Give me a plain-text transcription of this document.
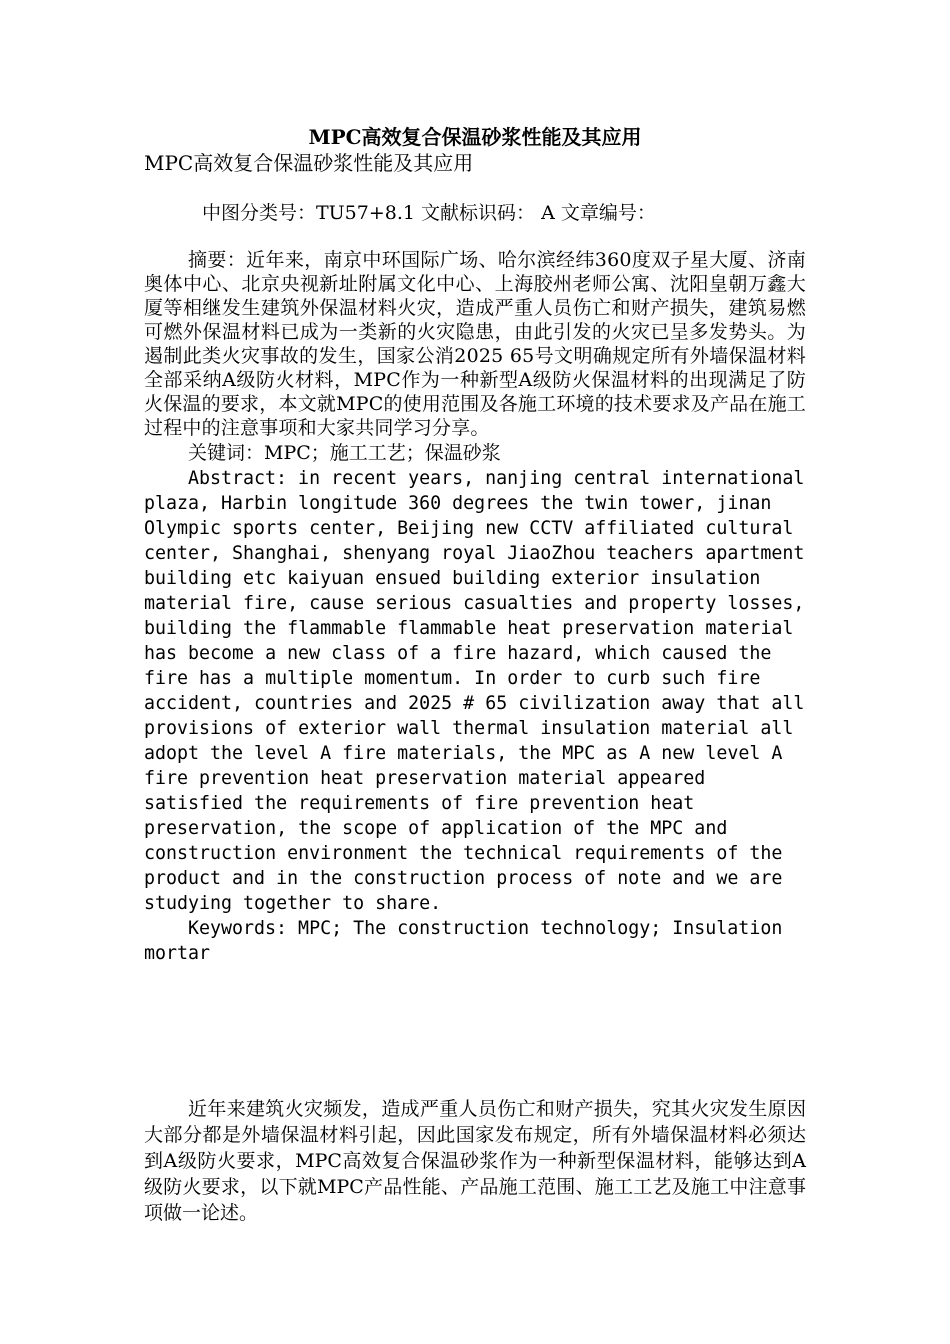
MPC高效复合保温砂浆性能及其应用

MPC高效复合保温砂浆性能及其应用

中图分类号：TU57+8.1 文献标识码： A 文章编号：

摘要：近年来，南京中环国际广场、哈尔滨经纬360度双子星大厦、济南奥体中心、北京央视新址附属文化中心、上海胶州老师公寓、沈阳皇朝万鑫大厦等相继发生建筑外保温材料火灾，造成严重人员伤亡和财产损失，建筑易燃可燃外保温材料已成为一类新的火灾隐患，由此引发的火灾已呈多发势头。为遏制此类火灾事故的发生，国家公消2025 65号文明确规定所有外墙保温材料全部采纳A级防火材料，MPC作为一种新型A级防火保温材料的出现满足了防火保温的要求，本文就MPC的使用范围及各施工环境的技术要求及产品在施工过程中的注意事项和大家共同学习分享。

关键词：MPC；施工工艺；保温砂浆

Abstract: in recent years, nanjing central international plaza, Harbin longitude 360 degrees the twin tower, jinan Olympic sports center, Beijing new CCTV affiliated cultural center, Shanghai, shenyang royal JiaoZhou teachers apartment building etc kaiyuan ensued building exterior insulation material fire, cause serious casualties and property losses, building the flammable flammable heat preservation material has become a new class of a fire hazard, which caused the fire has a multiple momentum. In order to curb such fire accident, countries and 2025 # 65 civilization away that all provisions of exterior wall thermal insulation material all adopt the level A fire materials, the MPC as A new level A fire prevention heat preservation material appeared satisfied the requirements of fire prevention heat preservation, the scope of application of the MPC and construction environment the technical requirements of the product and in the construction process of note and we are studying together to share.

Keywords: MPC; The construction technology; Insulation mortar

近年来建筑火灾频发，造成严重人员伤亡和财产损失，究其火灾发生原因大部分都是外墙保温材料引起，因此国家发布规定，所有外墙保温材料必须达到A级防火要求，MPC高效复合保温砂浆作为一种新型保温材料，能够达到A级防火要求，以下就MPC产品性能、产品施工范围、施工工艺及施工中注意事项做一论述。
